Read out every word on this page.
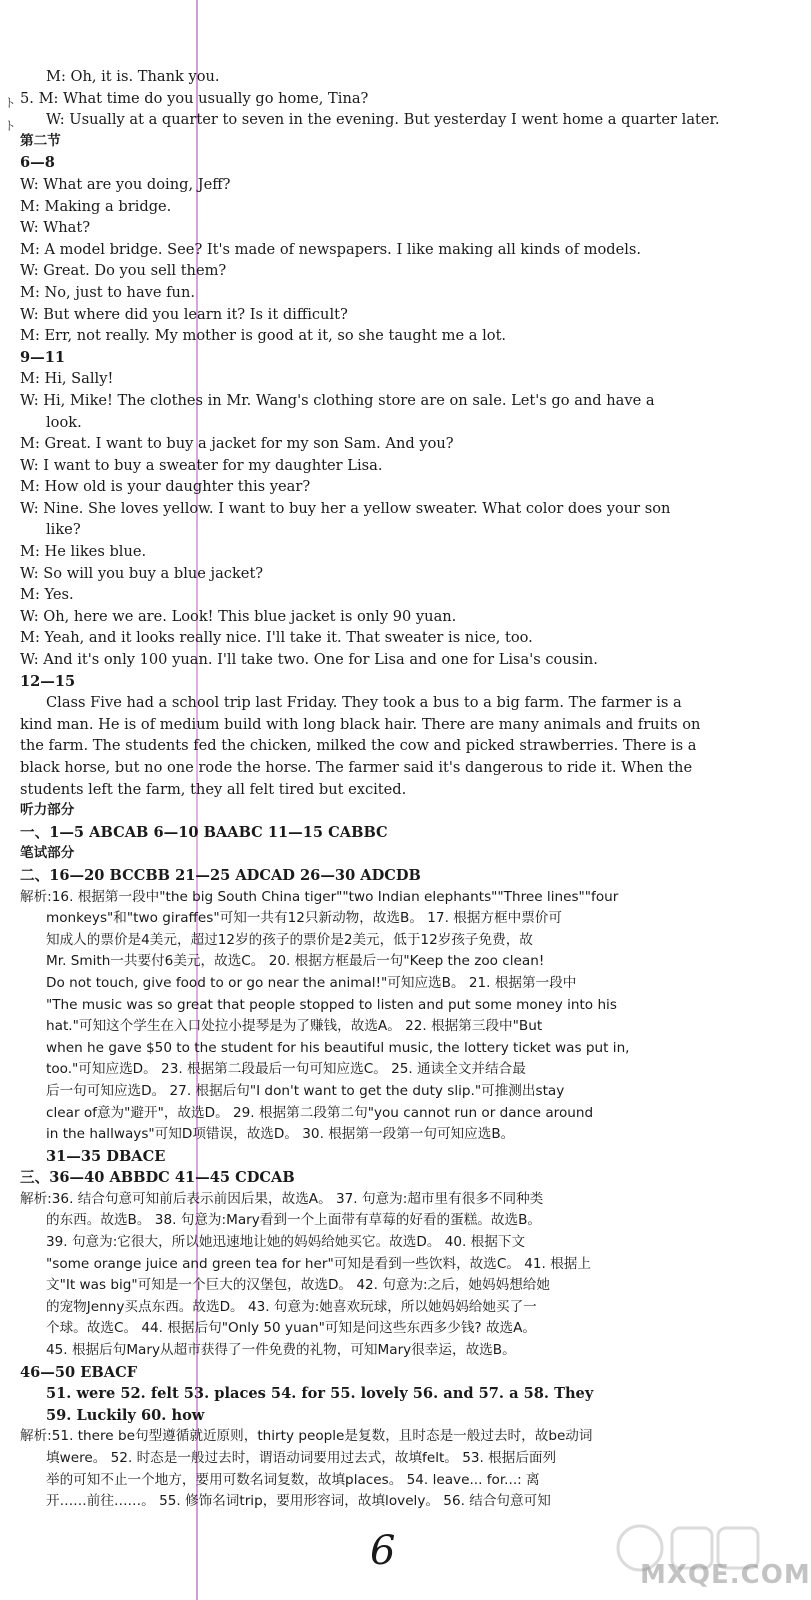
ト
ト
M: Oh, it is. Thank you.
5. M: What time do you usually go home, Tina?
W: Usually at a quarter to seven in the evening. But yesterday I went home a quarter later.
第二节
6—8
W: What are you doing, Jeff?
M: Making a bridge.
W: What?
M: A model bridge. See? It's made of newspapers. I like making all kinds of models.
W: Great. Do you sell them?
M: No, just to have fun.
W: But where did you learn it? Is it difficult?
M: Err, not really. My mother is good at it, so she taught me a lot.
9—11
M: Hi, Sally!
W: Hi, Mike! The clothes in Mr. Wang's clothing store are on sale. Let's go and have a
look.
M: Great. I want to buy a jacket for my son Sam. And you?
W: I want to buy a sweater for my daughter Lisa.
M: How old is your daughter this year?
W: Nine. She loves yellow. I want to buy her a yellow sweater. What color does your son
like?
M: He likes blue.
W: So will you buy a blue jacket?
M: Yes.
W: Oh, here we are. Look! This blue jacket is only 90 yuan.
M: Yeah, and it looks really nice. I'll take it. That sweater is nice, too.
W: And it's only 100 yuan. I'll take two. One for Lisa and one for Lisa's cousin.
12—15
Class Five had a school trip last Friday. They took a bus to a big farm. The farmer is a
kind man. He is of medium build with long black hair. There are many animals and fruits on
the farm. The students fed the chicken, milked the cow and picked strawberries. There is a
black horse, but no one rode the horse. The farmer said it's dangerous to ride it. When the
students left the farm, they all felt tired but excited.
听力部分
一、1—5 ABCAB 6—10 BAABC 11—15 CABBC
笔试部分
二、16—20 BCCBB 21—25 ADCAD 26—30 ADCDB
解析:16. 根据第一段中"the big South China tiger""two Indian elephants""Three lines""four
monkeys"和"two giraffes"可知一共有12只新动物，故选B。 17. 根据方框中票价可
知成人的票价是4美元，超过12岁的孩子的票价是2美元，低于12岁孩子免费，故
Mr. Smith一共要付6美元，故选C。 20. 根据方框最后一句"Keep the zoo clean!
Do not touch, give food to or go near the animal!"可知应选B。 21. 根据第一段中
"The music was so great that people stopped to listen and put some money into his
hat."可知这个学生在入口处拉小提琴是为了赚钱，故选A。 22. 根据第三段中"But
when he gave $50 to the student for his beautiful music, the lottery ticket was put in,
too."可知应选D。 23. 根据第二段最后一句可知应选C。 25. 通读全文并结合最
后一句可知应选D。 27. 根据后句"I don't want to get the duty slip."可推测出stay
clear of意为"避开"，故选D。 29. 根据第二段第二句"you cannot run or dance around
in the hallways"可知D项错误，故选D。 30. 根据第一段第一句可知应选B。
31—35 DBACE
三、36—40 ABBDC 41—45 CDCAB
解析:36. 结合句意可知前后表示前因后果，故选A。 37. 句意为:超市里有很多不同种类
的东西。故选B。 38. 句意为:Mary看到一个上面带有草莓的好看的蛋糕。故选B。
39. 句意为:它很大，所以她迅速地让她的妈妈给她买它。故选D。 40. 根据下文
"some orange juice and green tea for her"可知是看到一些饮料，故选C。 41. 根据上
文"It was big"可知是一个巨大的汉堡包，故选D。 42. 句意为:之后，她妈妈想给她
的宠物Jenny买点东西。故选D。 43. 句意为:她喜欢玩球，所以她妈妈给她买了一
个球。故选C。 44. 根据后句"Only 50 yuan"可知是问这些东西多少钱? 故选A。
45. 根据后句Mary从超市获得了一件免费的礼物，可知Mary很幸运，故选B。
46—50 EBACF
51. were 52. felt 53. places 54. for 55. lovely 56. and 57. a 58. They
59. Luckily 60. how
解析:51. there be句型遵循就近原则，thirty people是复数，且时态是一般过去时，故be动词
填were。 52. 时态是一般过去时，谓语动词要用过去式，故填felt。 53. 根据后面列
举的可知不止一个地方，要用可数名词复数，故填places。 54. leave... for...: 离
开……前往……。 55. 修饰名词trip，要用形容词，故填lovely。 56. 结合句意可知
6
MXQE.COM
